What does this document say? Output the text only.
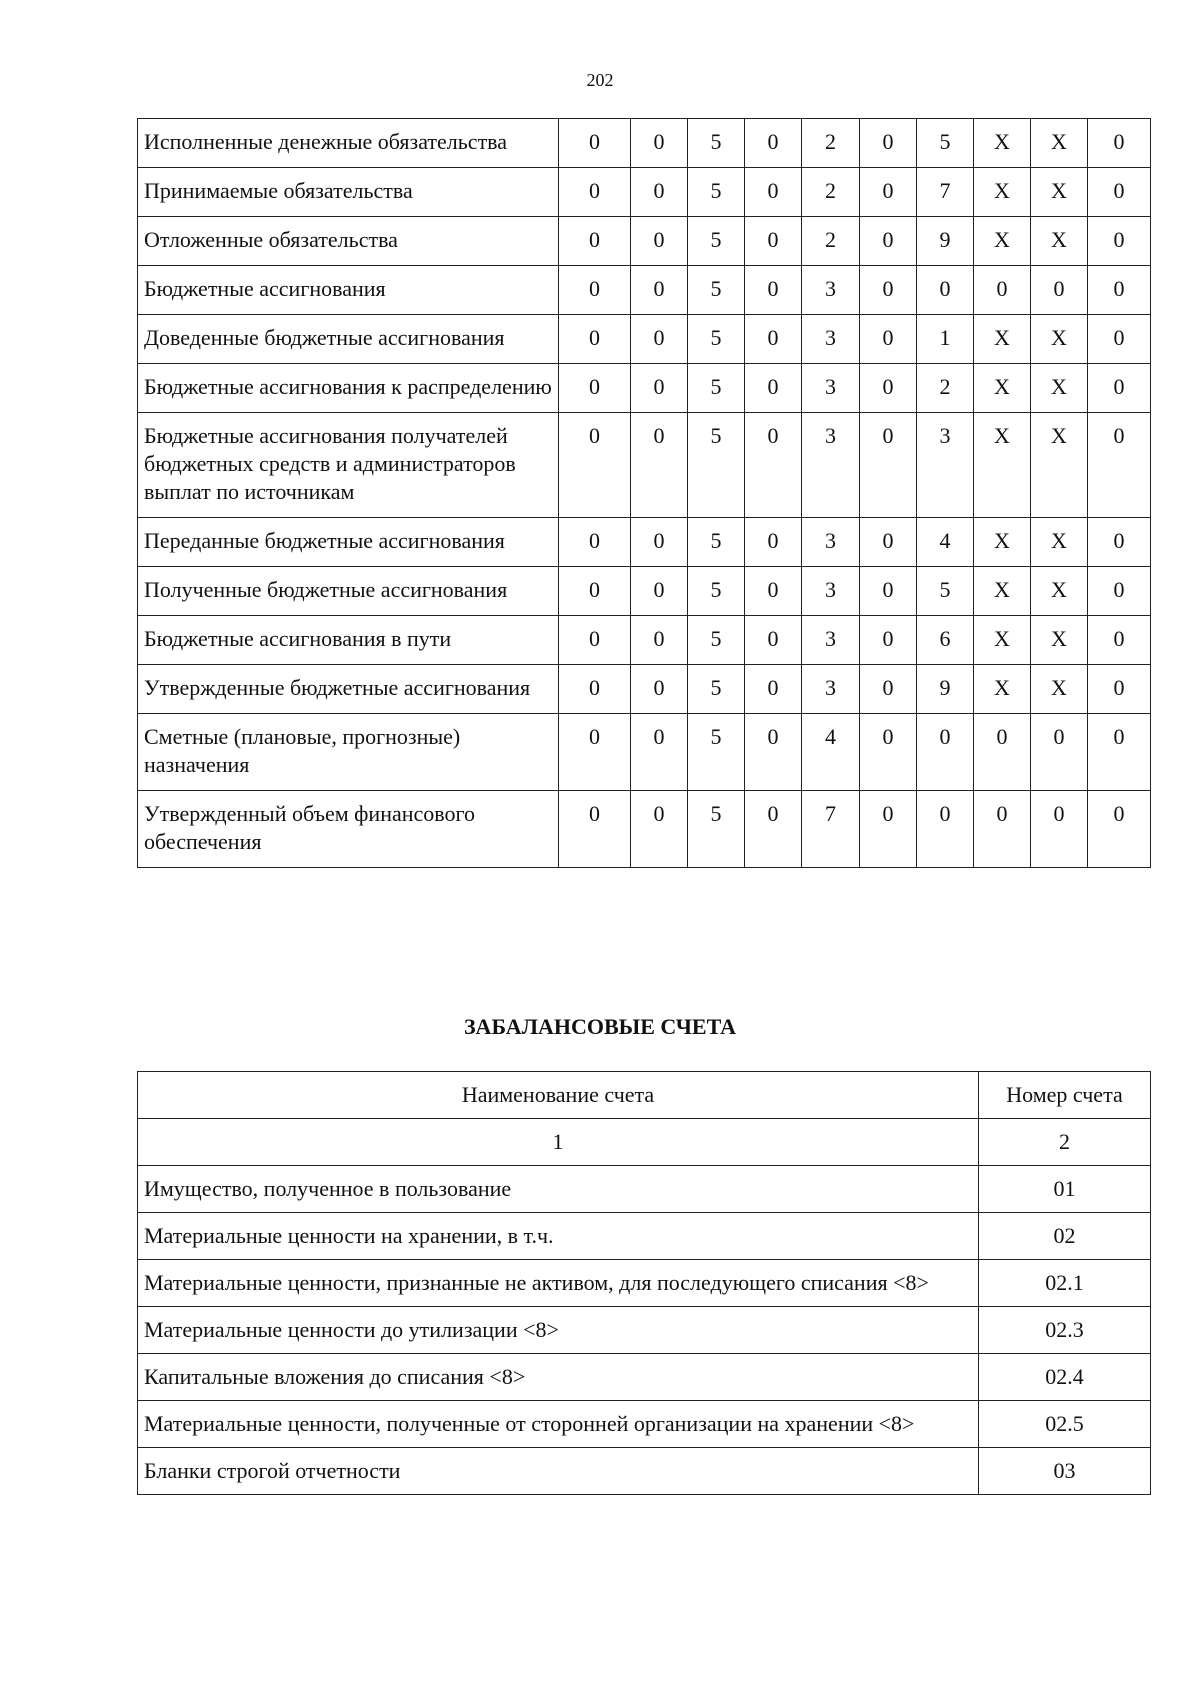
202
Исполненные денежные обязательства	0	0	5	0	2	0	5	X	X	0
Принимаемые обязательства	0	0	5	0	2	0	7	X	X	0
Отложенные обязательства	0	0	5	0	2	0	9	X	X	0
Бюджетные ассигнования	0	0	5	0	3	0	0	0	0	0
Доведенные бюджетные ассигнования	0	0	5	0	3	0	1	X	X	0
Бюджетные ассигнования к распределению	0	0	5	0	3	0	2	X	X	0
Бюджетные ассигнования получателей бюджетных средств и администраторов выплат по источникам	0	0	5	0	3	0	3	X	X	0
Переданные бюджетные ассигнования	0	0	5	0	3	0	4	X	X	0
Полученные бюджетные ассигнования	0	0	5	0	3	0	5	X	X	0
Бюджетные ассигнования в пути	0	0	5	0	3	0	6	X	X	0
Утвержденные бюджетные ассигнования	0	0	5	0	3	0	9	X	X	0
Сметные (плановые, прогнозные) назначения	0	0	5	0	4	0	0	0	0	0
Утвержденный объем финансового обеспечения	0	0	5	0	7	0	0	0	0	0
ЗАБАЛАНСОВЫЕ СЧЕТА
Наименование счета	Номер счета
1	2
Имущество, полученное в пользование	01
Материальные ценности на хранении, в т.ч.	02
Материальные ценности, признанные не активом, для последующего списания <8>	02.1
Материальные ценности до утилизации <8>	02.3
Капитальные вложения до списания <8>	02.4
Материальные ценности, полученные от сторонней организации на хранении <8>	02.5
Бланки строгой отчетности	03
